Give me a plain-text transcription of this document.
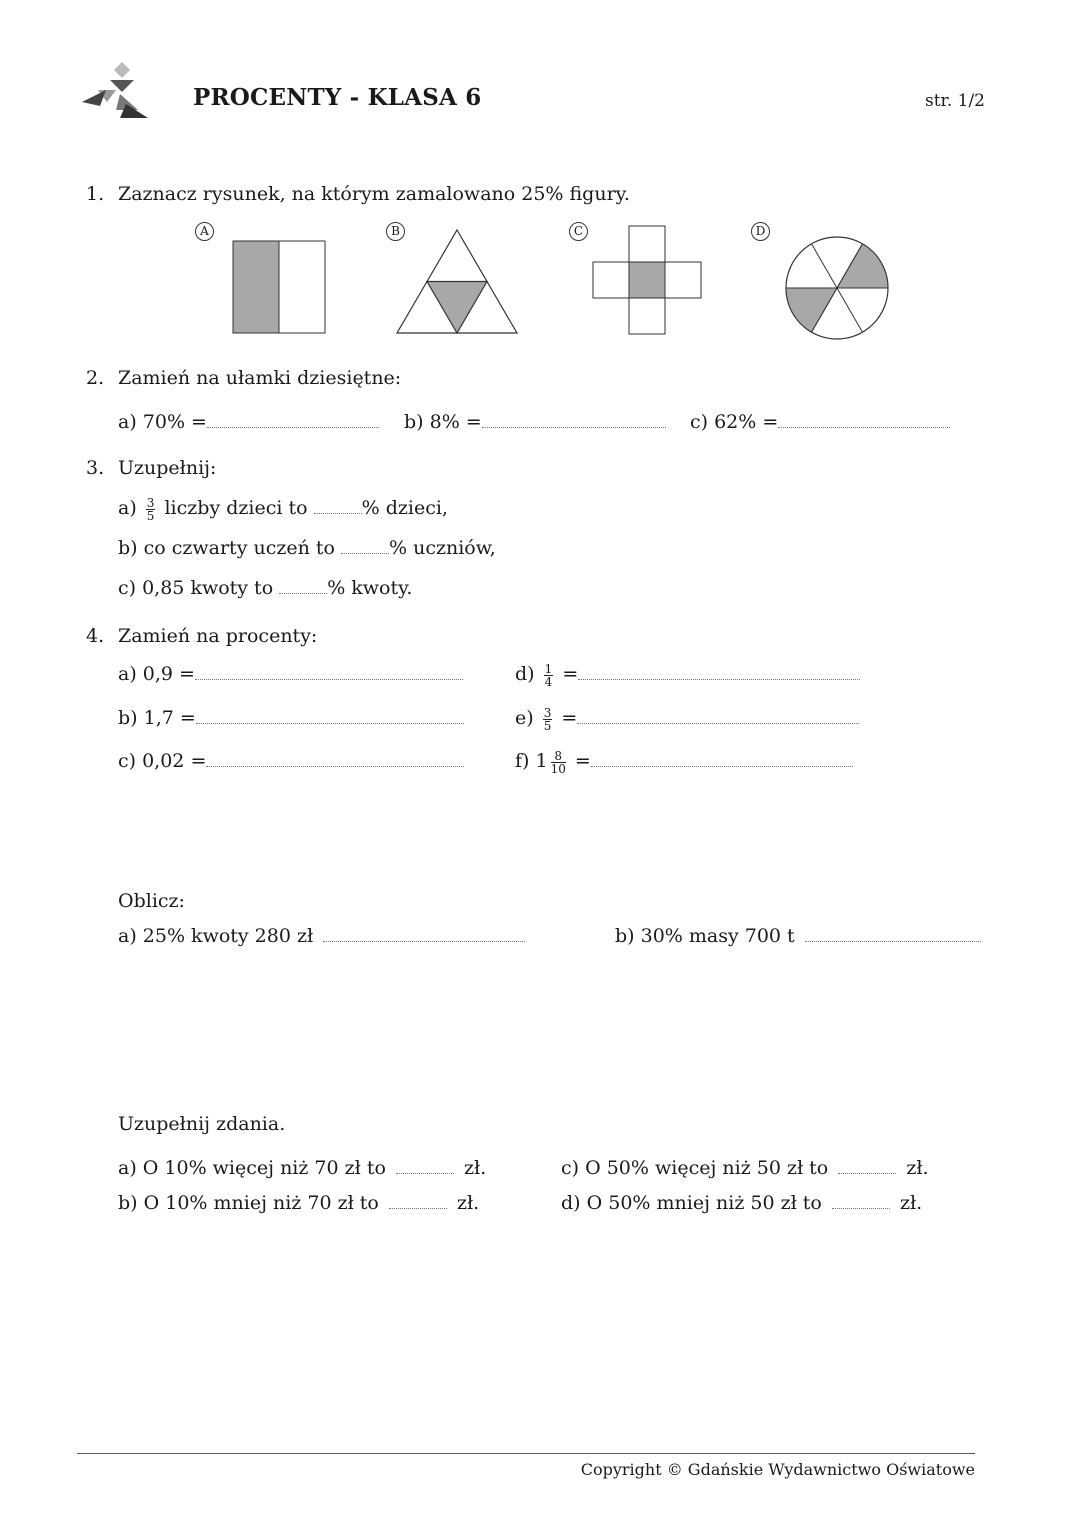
PROCENTY - KLASA 6	str. 1/2
1. Zaznacz rysunek, na którym zamalowano 25% figury.
A	B	C	D
2. Zamień na ułamki dziesiętne:
a) 70% =	b) 8% =	c) 62% =
3. Uzupełnij:
$a) \frac{3}{5}$ liczby dzieci to	% dzieci,
b) co czwarty uczeń to	% uczniów,
c) 0,85 kwoty to	% kwoty.
4. Zamień na procenty:
a) 0,9 =
b) 1,7 =
c) 0,02 =
$d) \frac{1}{4}$ =
$e) \frac{3}{5}$ =
f) $1 \frac{8}{10}$ =
Oblicz:
a) 25% kwoty 280 zł	b) 30% masy 700 t
Uzupełnij zdania.
a) O 10% więcej niż 70 zł to	zł.
b) O 10% mniej niż 70 zł to	zł.
c) O 50% więcej niż 50 zł to	zł.
d) O 50% mniej niż 50 zł to	zł.
Copyright © Gdańskie Wydawnictwo Oświatowe
